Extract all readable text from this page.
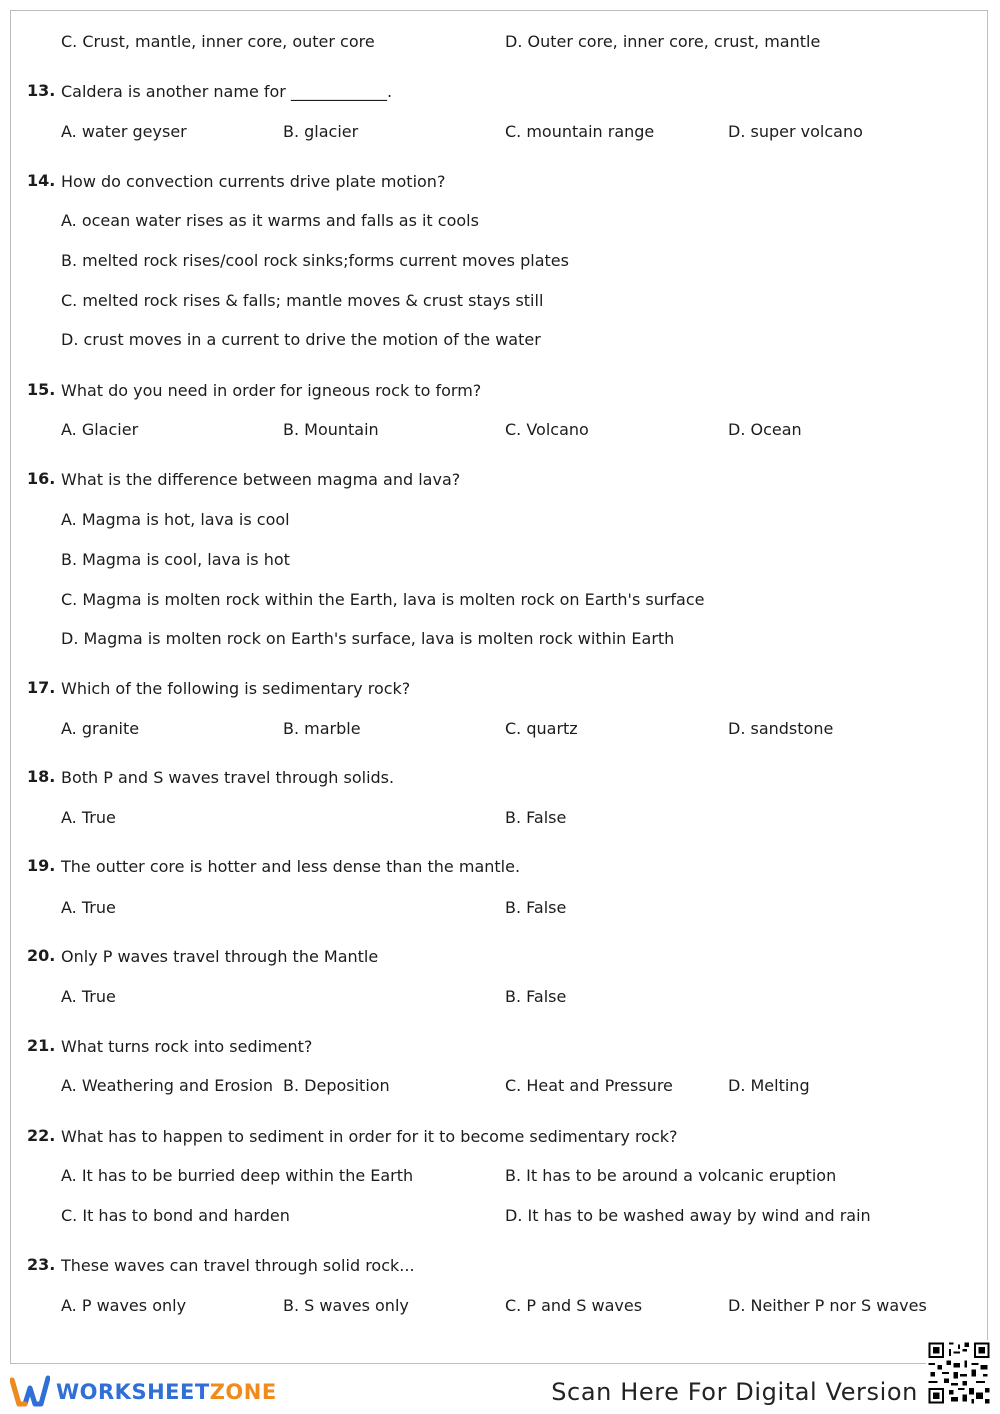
C. Crust, mantle, inner core, outer core	D. Outer core, inner core, crust, mantle
13. Caldera is another name for ____________.
A. water geyser	B. glacier	C. mountain range	D. super volcano
14. How do convection currents drive plate motion?
A. ocean water rises as it warms and falls as it cools
B. melted rock rises/cool rock sinks;forms current moves plates
C. melted rock rises & falls; mantle moves & crust stays still
D. crust moves in a current to drive the motion of the water
15. What do you need in order for igneous rock to form?
A. Glacier	B. Mountain	C. Volcano	D. Ocean
16. What is the difference between magma and lava?
A. Magma is hot, lava is cool
B. Magma is cool, lava is hot
C. Magma is molten rock within the Earth, lava is molten rock on Earth's surface
D. Magma is molten rock on Earth's surface, lava is molten rock within Earth
17. Which of the following is sedimentary rock?
A. granite	B. marble	C. quartz	D. sandstone
18. Both P and S waves travel through solids.
A. True	B. False
19. The outter core is hotter and less dense than the mantle.
A. True	B. False
20. Only P waves travel through the Mantle
A. True	B. False
21. What turns rock into sediment?
A. Weathering and Erosion B. Deposition	C. Heat and Pressure	D. Melting
22. What has to happen to sediment in order for it to become sedimentary rock?
A. It has to be burried deep within the Earth	B. It has to be around a volcanic eruption
C. It has to bond and harden	D. It has to be washed away by wind and rain
23. These waves can travel through solid rock...
A. P waves only	B. S waves only	C. P and S waves	D. Neither P nor S waves
WORKSHEETZONE	Scan Here For Digital Version
